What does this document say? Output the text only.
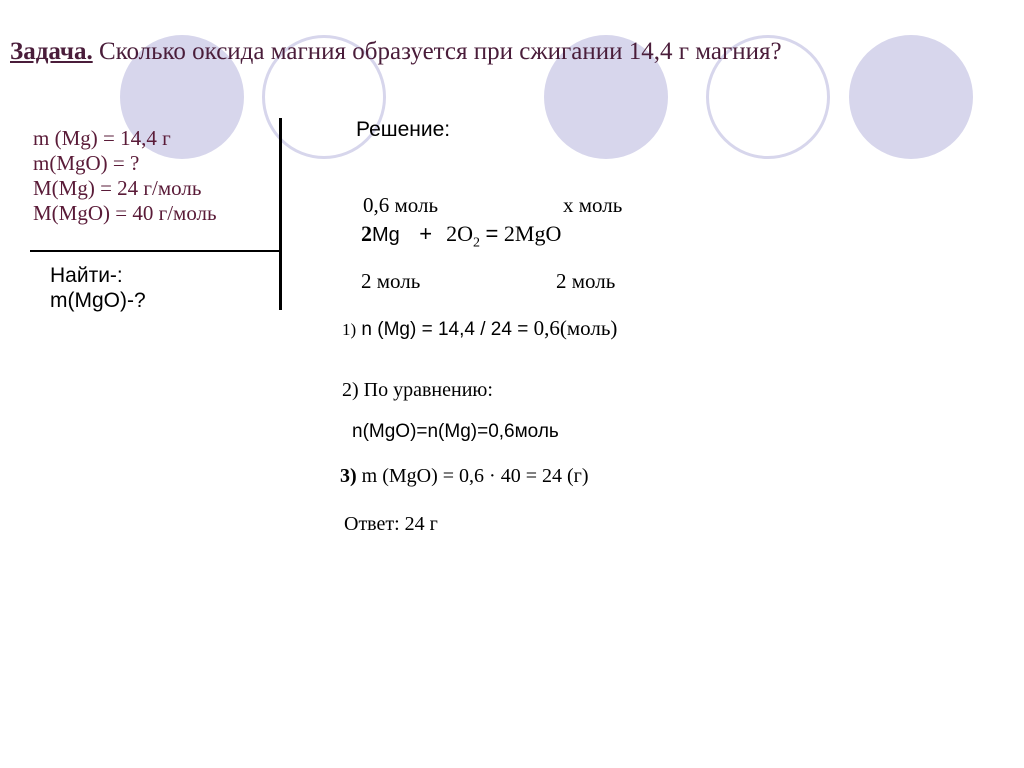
Задача. Сколько оксида магния образуется при сжигании 14,4 г магния?
m (Mg) = 14,4 г
m(MgO) = ?
M(Mg) = 24 г/моль
M(MgO) = 40 г/моль
Найти-:
m(MgO)-?
Решение:
0,6 моль	х моль
$2Mg + 2O_2 = 2MgO$
2 моль	2 моль
1) n (Mg) = 14,4 / 24 = 0,6(моль)
2) По уравнению:
n(MgO)=n(Mg)=0,6моль
3) m (MgO) = 0,6 · 40 = 24 (г)
Ответ: 24 г
